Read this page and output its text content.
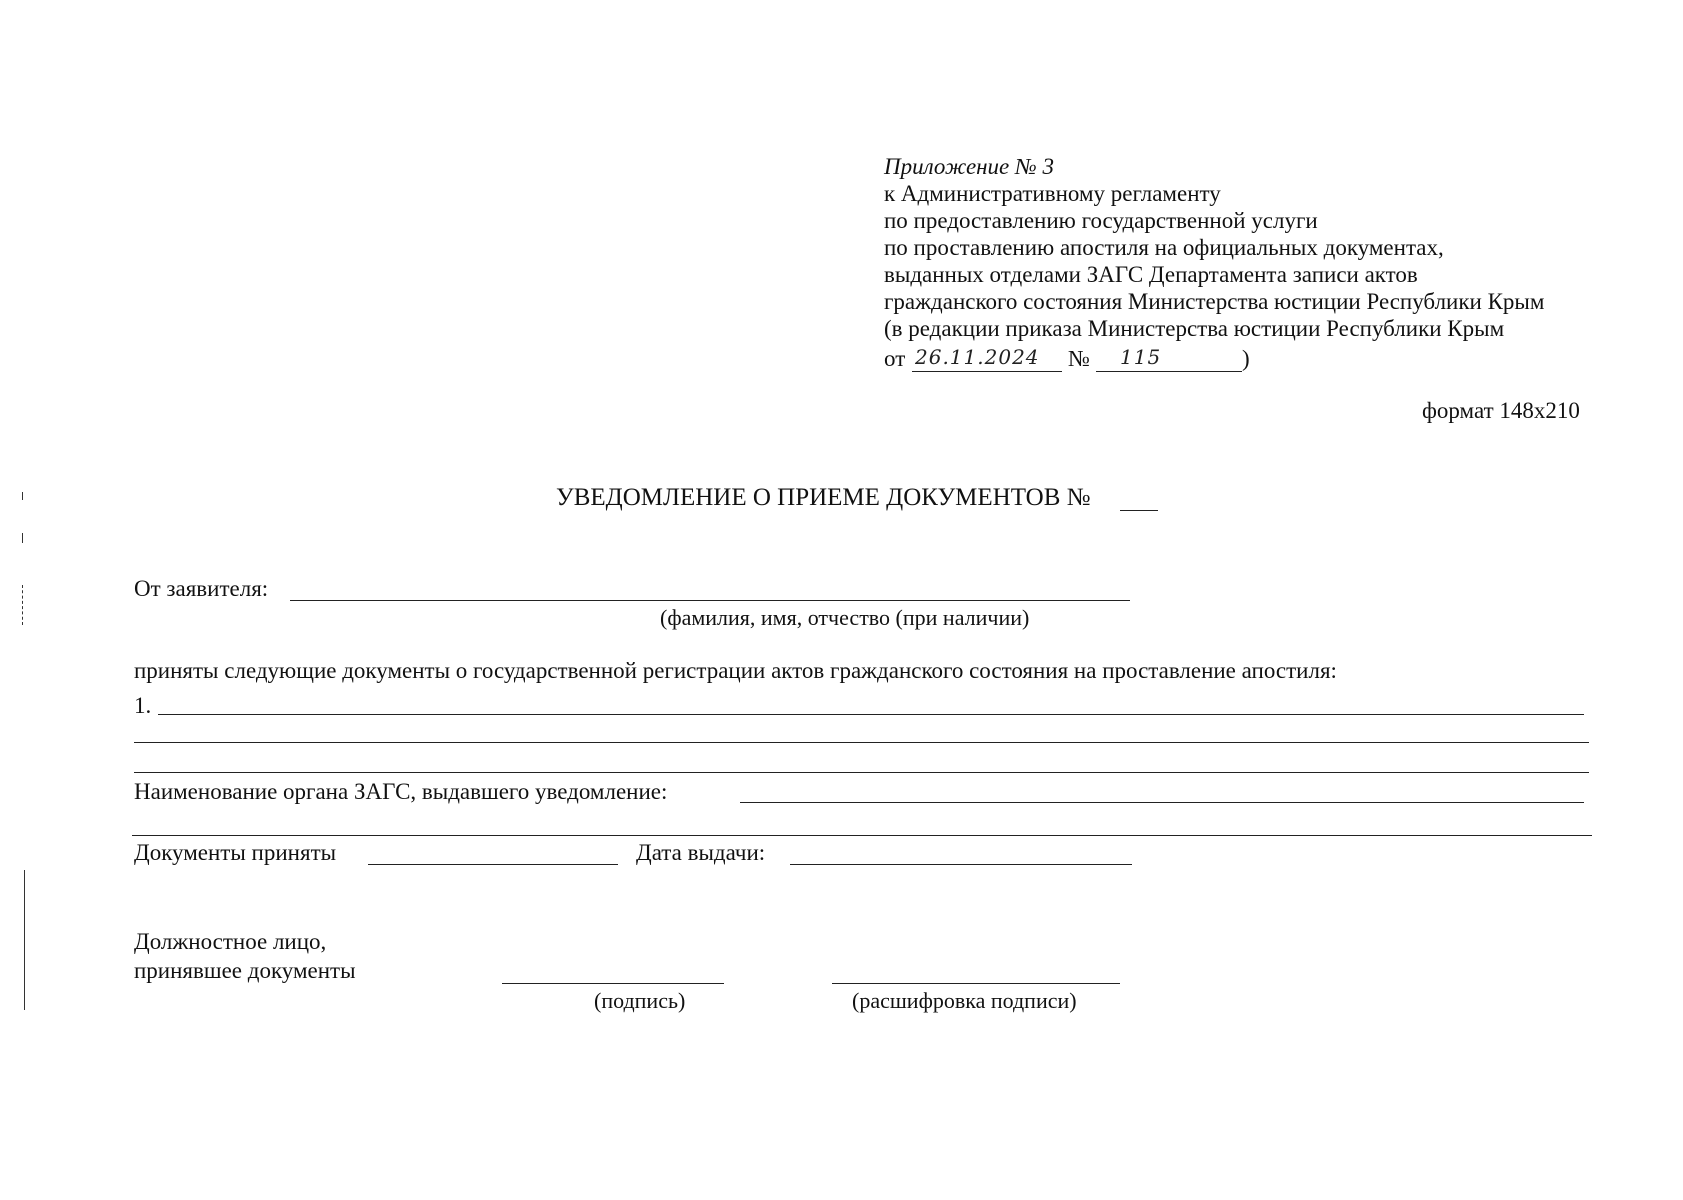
Приложение № 3
к Административному регламенту
по предоставлению государственной услуги
по проставлению апостиля на официальных документах,
выданных отделами ЗАГС Департамента записи актов
гражданского состояния Министерства юстиции Республики Крым
(в редакции приказа Министерства юстиции Республики Крым
от 26.11.2024 № 115	)
формат 148х210
УВЕДОМЛЕНИЕ О ПРИЕМЕ ДОКУМЕНТОВ №
От заявителя:
(фамилия, имя, отчество (при наличии)
приняты следующие документы о государственной регистрации актов гражданского состояния на проставление апостиля:
1.
Наименование органа ЗАГС, выдавшего уведомление:
Документы приняты	Дата выдачи:
Должностное лицо,
принявшее документы
(подпись)	(расшифровка подписи)
